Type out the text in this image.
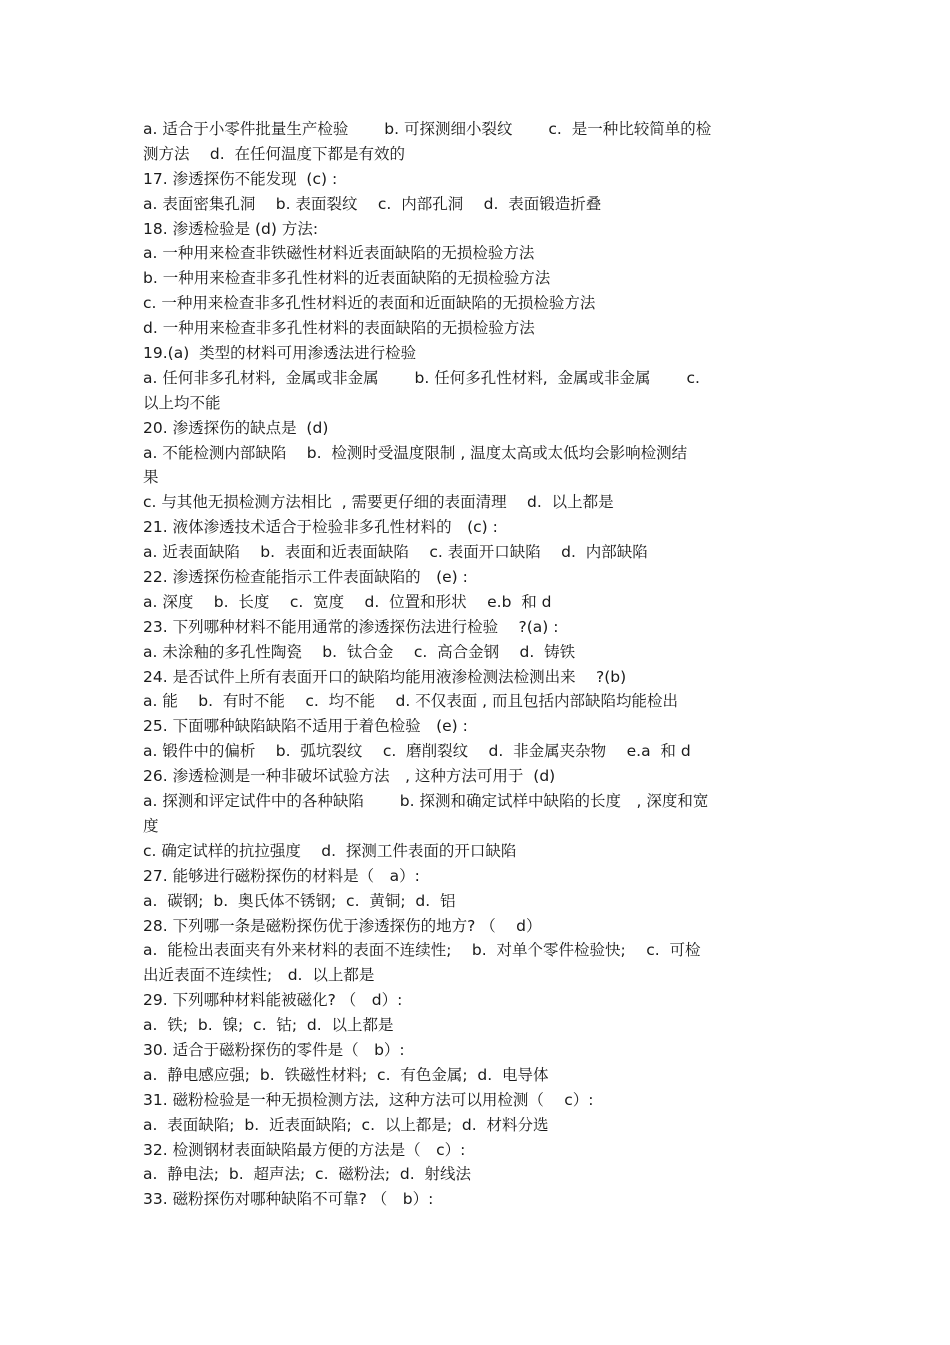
a. 适合于小零件批量生产检验　　 b. 可探测细小裂纹　　 c.  是一种比较简单的检
测方法　 d.  在任何温度下都是有效的
17. 渗透探伤不能发现  (c) :
a. 表面密集孔洞　 b. 表面裂纹　 c.  内部孔洞　 d.  表面锻造折叠
18. 渗透检验是 (d) 方法:
a. 一种用来检查非铁磁性材料近表面缺陷的无损检验方法
b. 一种用来检查非多孔性材料的近表面缺陷的无损检验方法
c. 一种用来检查非多孔性材料近的表面和近面缺陷的无损检验方法
d. 一种用来检查非多孔性材料的表面缺陷的无损检验方法
19.(a)  类型的材料可用渗透法进行检验
a. 任何非多孔材料,  金属或非金属　　 b. 任何多孔性材料,  金属或非金属　　 c.
以上均不能
20. 渗透探伤的缺点是  (d)
a. 不能检测内部缺陷　 b.  检测时受温度限制 , 温度太高或太低均会影响检测结
果
c. 与其他无损检测方法相比  , 需要更仔细的表面清理　 d.  以上都是
21. 液体渗透技术适合于检验非多孔性材料的　(c) :
a. 近表面缺陷　 b.  表面和近表面缺陷　 c. 表面开口缺陷　 d.  内部缺陷
22. 渗透探伤检查能指示工件表面缺陷的　(e) :
a. 深度　 b.  长度　 c.  宽度　 d.  位置和形状　 e.b  和 d
23. 下列哪种材料不能用通常的渗透探伤法进行检验　 ?(a) :
a. 未涂釉的多孔性陶瓷　 b.  钛合金　 c.  高合金钢　 d.  铸铁
24. 是否试件上所有表面开口的缺陷均能用液渗检测法检测出来　 ?(b)
a. 能　 b.  有时不能　 c.  均不能　 d. 不仅表面 , 而且包括内部缺陷均能检出
25. 下面哪种缺陷缺陷不适用于着色检验　(e) :
a. 锻件中的偏析　 b.  弧坑裂纹　 c.  磨削裂纹　 d.  非金属夹杂物　 e.a  和 d
26. 渗透检测是一种非破坏试验方法　, 这种方法可用于  (d)
a. 探测和评定试件中的各种缺陷　　 b. 探测和确定试样中缺陷的长度　, 深度和宽
度
c. 确定试样的抗拉强度　 d.  探测工件表面的开口缺陷
27. 能够进行磁粉探伤的材料是（　a）:
a.  碳钢;  b.  奥氏体不锈钢;  c.  黄铜;  d.  铝
28. 下列哪一条是磁粉探伤优于渗透探伤的地方? （　 d）
a.  能检出表面夹有外来材料的表面不连续性;　 b.  对单个零件检验快;　 c.  可检
出近表面不连续性;　d.  以上都是
29. 下列哪种材料能被磁化? （　d）:
a.  铁;  b.  镍;  c.  钴;  d.  以上都是
30. 适合于磁粉探伤的零件是（　b）:
a.  静电感应强;  b.  铁磁性材料;  c.  有色金属;  d.  电导体
31. 磁粉检验是一种无损检测方法,  这种方法可以用检测（　 c）:
a.  表面缺陷;  b.  近表面缺陷;  c.  以上都是;  d.  材料分选
32. 检测钢材表面缺陷最方便的方法是（　c）:
a.  静电法;  b.  超声法;  c.  磁粉法;  d.  射线法
33. 磁粉探伤对哪种缺陷不可靠? （　b）:
